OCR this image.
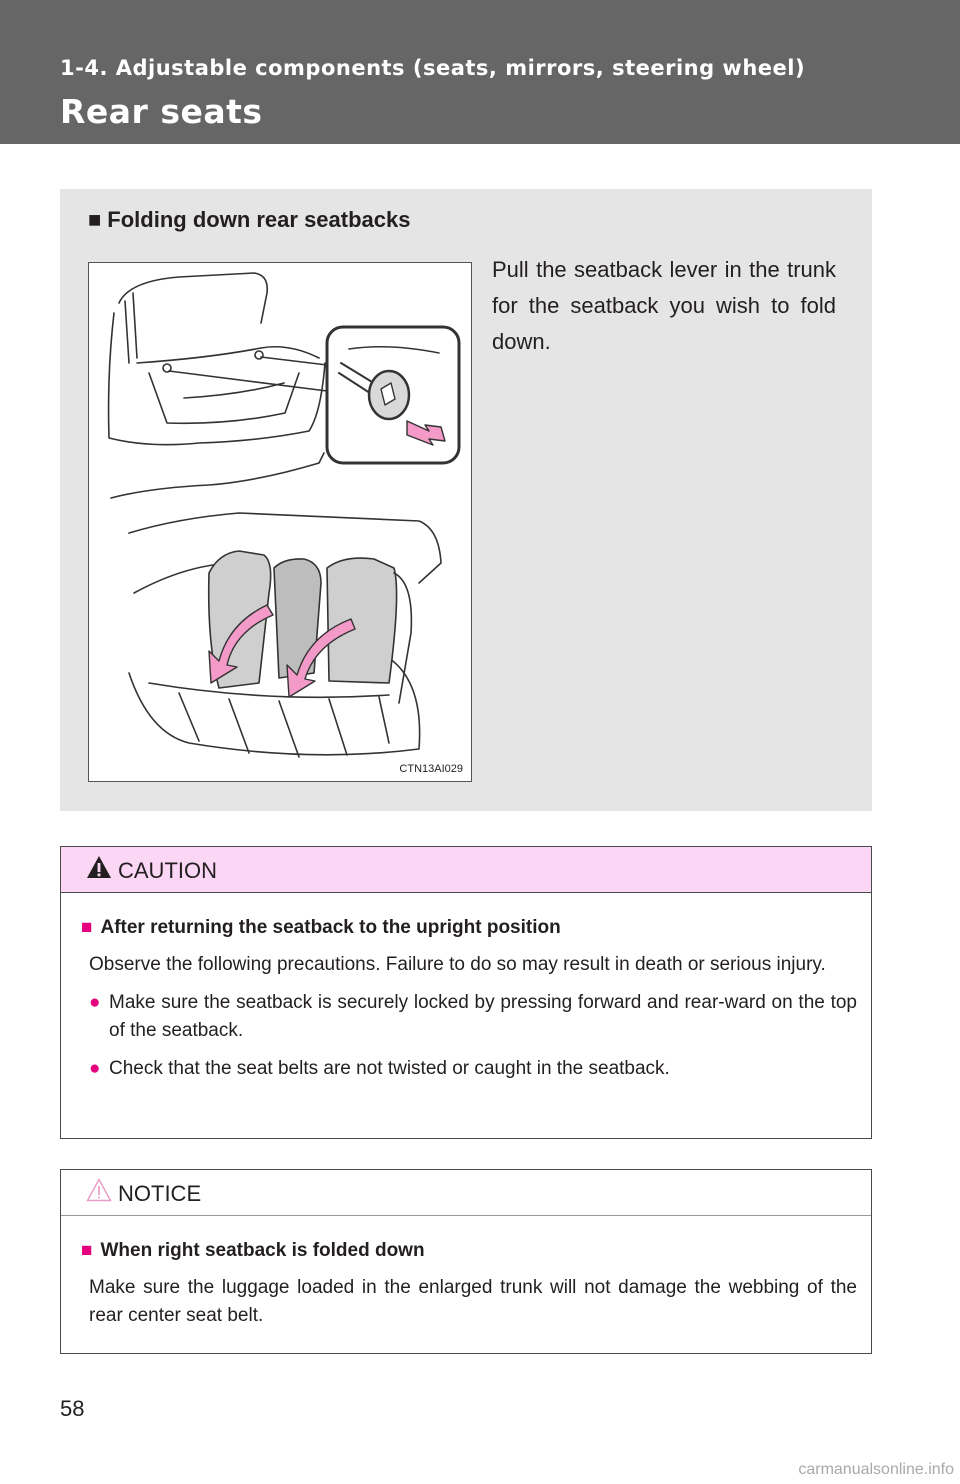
1-4. Adjustable components (seats, mirrors, steering wheel)
Rear seats
■ Folding down rear seatbacks
CTN13AI029

Pull the seatback lever in the trunk for the seatback you wish to fold down.

CAUTION

■ After returning the seatback to the upright position

Observe the following precautions. Failure to do so may result in death or serious injury.

● Make sure the seatback is securely locked by pressing forward and rear-ward on the top of the seatback.

● Check that the seat belts are not twisted or caught in the seatback.

NOTICE

■ When right seatback is folded down

Make sure the luggage loaded in the enlarged trunk will not damage the webbing of the rear center seat belt.

58
carmanualsonline.info
